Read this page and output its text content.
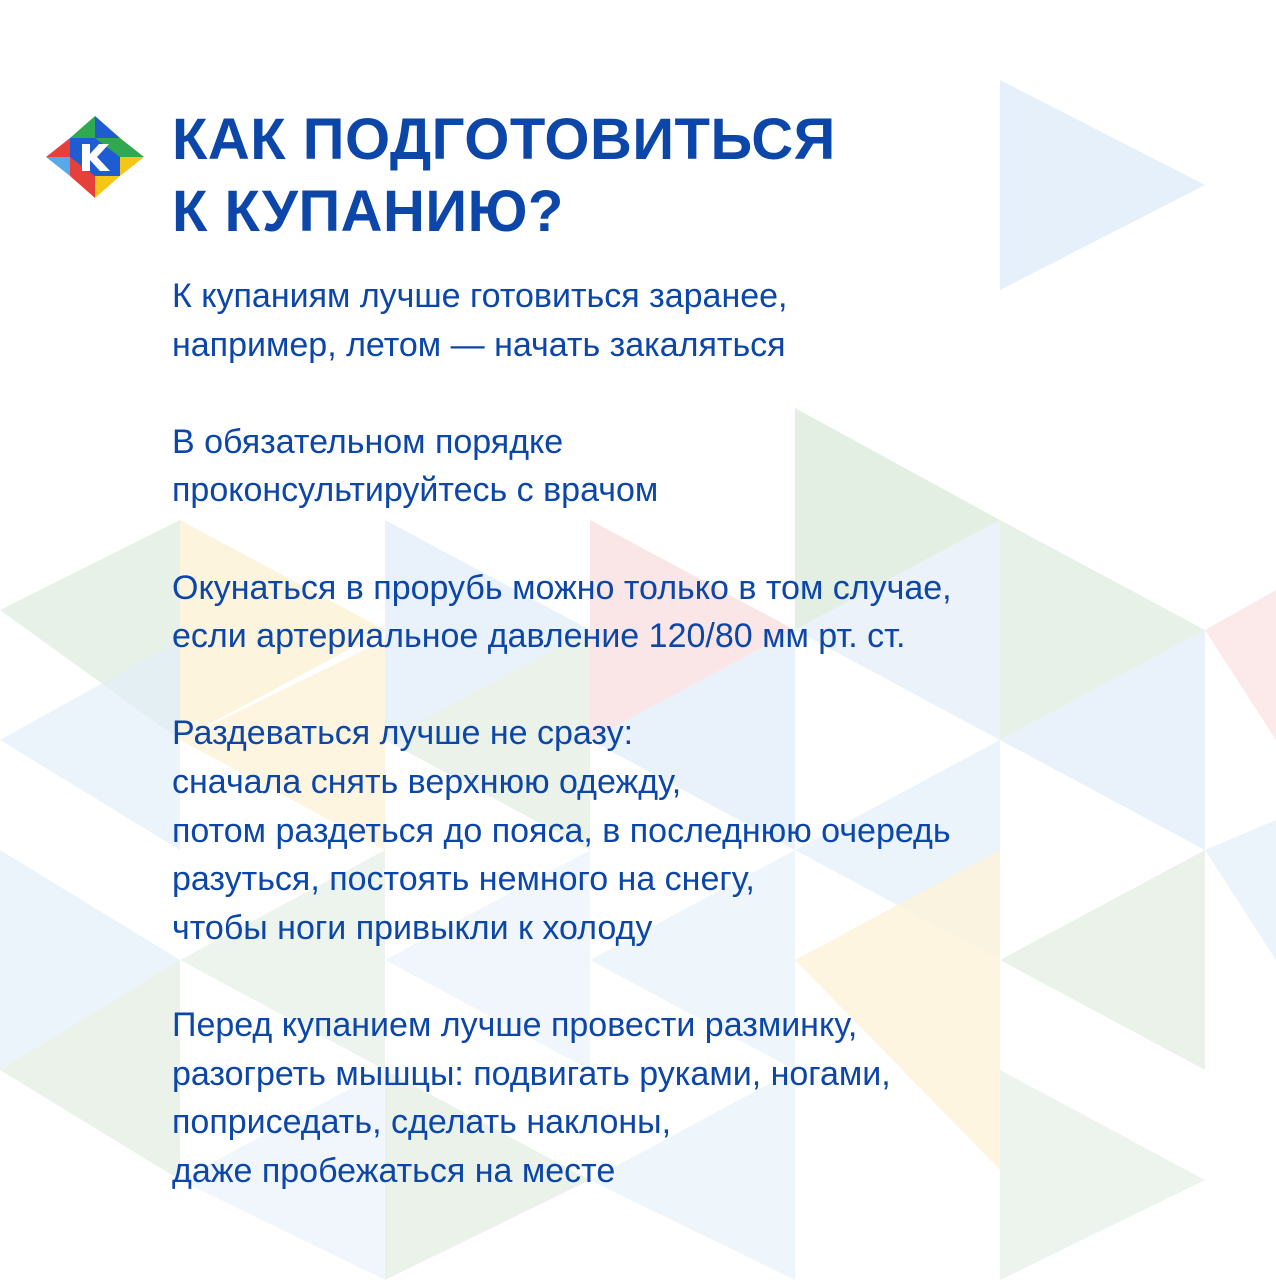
КАК ПОДГОТОВИТЬСЯ
К КУПАНИЮ?
К купаниям лучше готовиться заранее,
например, летом — начать закаляться
В обязательном порядке
проконсультируйтесь с врачом
Окунаться в прорубь можно только в том случае,
если артериальное давление 120/80 мм рт. ст.
Раздеваться лучше не сразу:
сначала снять верхнюю одежду,
потом раздеться до пояса, в последнюю очередь
разуться, постоять немного на снегу,
чтобы ноги привыкли к холоду
Перед купанием лучше провести разминку,
разогреть мышцы: подвигать руками, ногами,
поприседать, сделать наклоны,
даже пробежаться на месте
